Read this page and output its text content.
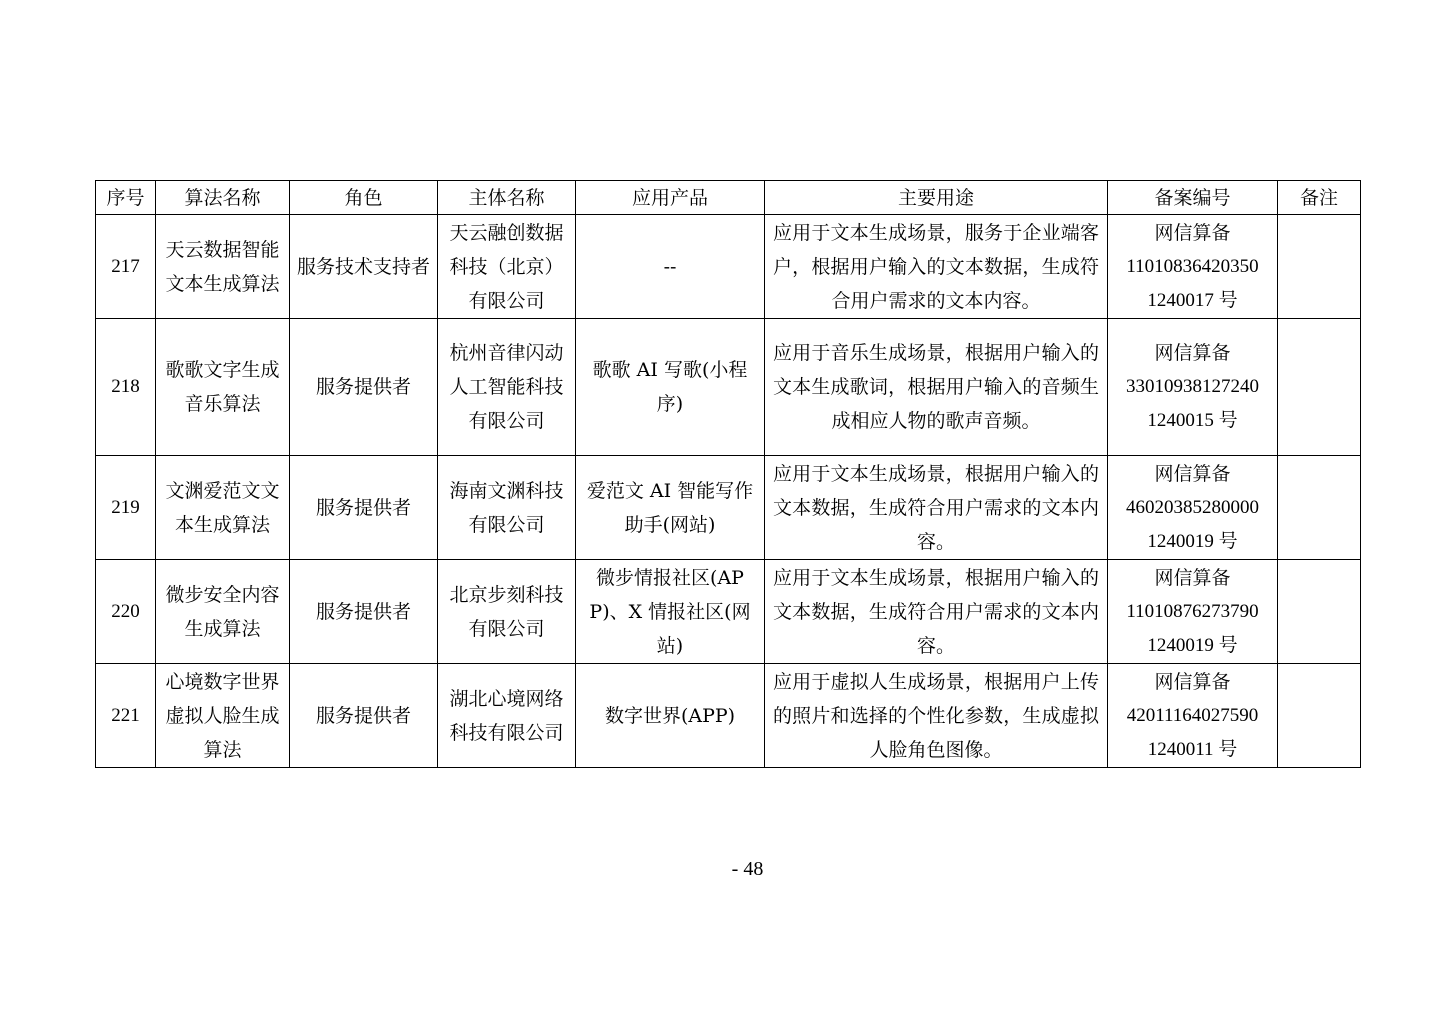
序号	算法名称	角色	主体名称	应用产品	主要用途	备案编号	备注
217	天云数据智能文本生成算法	服务技术支持者	天云融创数据科技（北京）有限公司	--	应用于文本生成场景，服务于企业端客户，根据用户输入的文本数据，生成符合用户需求的文本内容。	网信算备
11010836420350
1240017 号	

218	歌歌文字生成音乐算法	服务提供者	杭州音律闪动人工智能科技有限公司	歌歌 AI 写歌(小程序)	应用于音乐生成场景，根据用户输入的文本生成歌词，根据用户输入的音频生成相应人物的歌声音频。	网信算备
33010938127240
1240015 号	

219	文渊爱范文文本生成算法	服务提供者	海南文渊科技有限公司	爱范文 AI 智能写作助手(网站)	应用于文本生成场景，根据用户输入的文本数据，生成符合用户需求的文本内容。	网信算备
46020385280000
1240019 号	

220	微步安全内容生成算法	服务提供者	北京步刻科技有限公司	微步情报社区(APP)、X 情报社区(网站)	应用于文本生成场景，根据用户输入的文本数据，生成符合用户需求的文本内容。	网信算备
11010876273790
1240019 号	

221	心境数字世界虚拟人脸生成算法	服务提供者	湖北心境网络科技有限公司	数字世界(APP)	应用于虚拟人生成场景，根据用户上传的照片和选择的个性化参数，生成虚拟人脸角色图像。	网信算备
42011164027590
1240011 号	

- 48
